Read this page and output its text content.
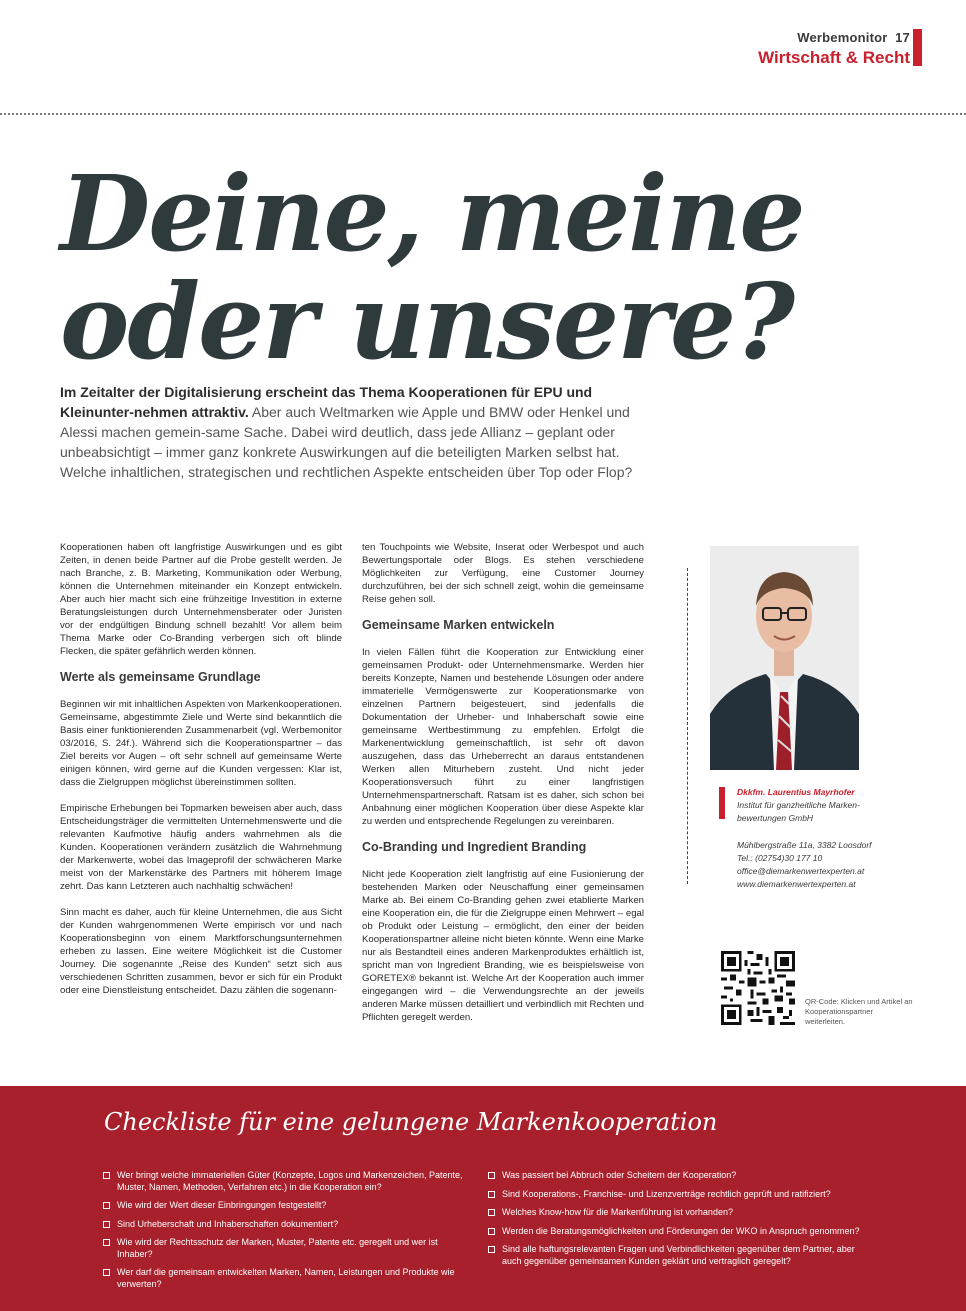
Werbemonitor 17
Wirtschaft & Recht
Deine, meine
oder unsere?

Im Zeitalter der Digitalisierung erscheint das Thema Kooperationen für EPU und Kleinunter-nehmen attraktiv. Aber auch Weltmarken wie Apple und BMW oder Henkel und Alessi machen gemein-same Sache. Dabei wird deutlich, dass jede Allianz – geplant oder unbeabsichtigt – immer ganz konkrete Auswirkungen auf die beteiligten Marken selbst hat. Welche inhaltlichen, strategischen und rechtlichen Aspekte entscheiden über Top oder Flop?

Kooperationen haben oft langfristige Auswirkungen und es gibt Zeiten, in denen beide Partner auf die Probe gestellt werden. Je nach Branche, z. B. Marketing, Kommunikation oder Werbung, können die Unternehmen miteinander ein Konzept entwickeln. Aber auch hier macht sich eine frühzeitige Investition in externe Beratungsleistungen durch Unternehmensberater oder Juristen vor der endgültigen Bindung schnell bezahlt! Vor allem beim Thema Marke oder Co-Branding verbergen sich oft blinde Flecken, die später gefährlich werden können.

Werte als gemeinsame Grundlage

Beginnen wir mit inhaltlichen Aspekten von Markenkooperationen. Gemeinsame, abgestimmte Ziele und Werte sind bekanntlich die Basis einer funktionierenden Zusammenarbeit (vgl. Werbemonitor 03/2016, S. 24f.). Während sich die Kooperationspartner – das Ziel bereits vor Augen – oft sehr schnell auf gemeinsame Werte einigen können, wird gerne auf die Kunden vergessen: Klar ist, dass die Zielgruppen möglichst übereinstimmen sollten.

Empirische Erhebungen bei Topmarken beweisen aber auch, dass Entscheidungsträger die vermittelten Unternehmenswerte und die relevanten Kaufmotive häufig anders wahrnehmen als die Kunden. Kooperationen verändern zusätzlich die Wahrnehmung der Markenwerte, wobei das Imageprofil der schwächeren Marke meist von der Markenstärke des Partners mit höherem Image zehrt. Das kann Letzteren auch nachhaltig schwächen!

Sinn macht es daher, auch für kleine Unternehmen, die aus Sicht der Kunden wahrgenommenen Werte empirisch vor und nach Kooperationsbeginn von einem Marktforschungsunternehmen erheben zu lassen. Eine weitere Möglichkeit ist die Customer Journey. Die sogenannte „Reise des Kunden“ setzt sich aus verschiedenen Schritten zusammen, bevor er sich für ein Produkt oder eine Dienstleistung entscheidet. Dazu zählen die sogenann-

ten Touchpoints wie Website, Inserat oder Werbespot und auch Bewertungsportale oder Blogs. Es stehen verschiedene Möglichkeiten zur Verfügung, eine Customer Journey durchzuführen, bei der sich schnell zeigt, wohin die gemeinsame Reise gehen soll.

Gemeinsame Marken entwickeln

In vielen Fällen führt die Kooperation zur Entwicklung einer gemeinsamen Produkt- oder Unternehmensmarke. Werden hier bereits Konzepte, Namen und bestehende Lösungen oder andere immaterielle Vermögenswerte zur Kooperationsmarke von einzelnen Partnern beigesteuert, sind jedenfalls die Dokumentation der Urheber- und Inhaberschaft sowie eine gemeinsame Wertbestimmung zu empfehlen. Erfolgt die Markenentwicklung gemeinschaftlich, ist sehr oft davon auszugehen, dass das Urheberrecht an daraus entstandenen Werken allen Miturhebern zusteht. Und nicht jeder Kooperationsversuch führt zu einer langfristigen Unternehmenspartnerschaft. Ratsam ist es daher, sich schon bei Anbahnung einer möglichen Kooperation über diese Aspekte klar zu werden und entsprechende Regelungen zu vereinbaren.

Co-Branding und Ingredient Branding

Nicht jede Kooperation zielt langfristig auf eine Fusionierung der bestehenden Marken oder Neuschaffung einer gemeinsamen Marke ab. Bei einem Co-Branding gehen zwei etablierte Marken eine Kooperation ein, die für die Zielgruppe einen Mehrwert – egal ob Produkt oder Leistung – ermöglicht, den einer der beiden Kooperationspartner alleine nicht bieten könnte. Wenn eine Marke nur als Bestandteil eines anderen Markenproduktes erhältlich ist, spricht man von Ingredient Branding, wie es beispielsweise von GORETEX® bekannt ist. Welche Art der Kooperation auch immer eingegangen wird – die Verwendungsrechte an der jeweils anderen Marke müssen detailliert und verbindlich mit Rechten und Pflichten geregelt werden.

Dkkfm. Laurentius Mayrhofer
Institut für ganzheitliche Marken-
bewertungen GmbH
Mühlbergstraße 11a, 3382 Loosdorf
Tel.: (02754)30 177 10
office@diemarkenwertexperten.at
www.diemarkenwertexperten.at
QR-Code: Klicken und Artikel an Kooperationspartner weiterleiten.
Checkliste für eine gelungene Markenkooperation
Wer bringt welche immateriellen Güter (Konzepte, Logos und Markenzeichen, Patente, Muster, Namen, Methoden, Verfahren etc.) in die Kooperation ein?
Wie wird der Wert dieser Einbringungen festgestellt?
Sind Urheberschaft und Inhaberschaften dokumentiert?
Wie wird der Rechtsschutz der Marken, Muster, Patente etc. geregelt und wer ist Inhaber?
Wer darf die gemeinsam entwickelten Marken, Namen, Leistungen und Produkte wie verwerten?
Was passiert bei Abbruch oder Scheitern der Kooperation?
Sind Kooperations-, Franchise- und Lizenzverträge rechtlich geprüft und ratifiziert?
Welches Know-how für die Markenführung ist vorhanden?
Werden die Beratungsmöglichkeiten und Förderungen der WKO in Anspruch genommen?
Sind alle haftungsrelevanten Fragen und Verbindlichkeiten gegenüber dem Partner, aber auch gegenüber gemeinsamen Kunden geklärt und vertraglich geregelt?
